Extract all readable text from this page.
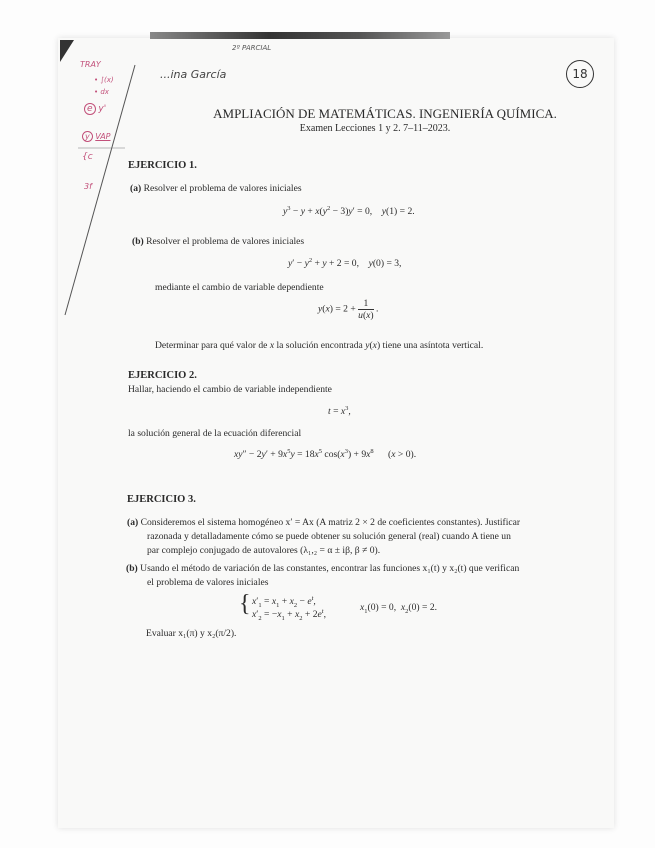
2º PARCIAL
...ina García	18
TRAY
• ∫(x)
• dx
e y'
y VAP
{c
3f
AMPLIACIÓN DE MATEMÁTICAS. INGENIERÍA QUÍMICA.
Examen Lecciones 1 y 2. 7–11–2023.
EJERCICIO 1.
(a) Resolver el problema de valores iniciales
$y^3 - y + x(y^2 - 3)y' = 0$,    y(1) = 2.
(b) Resolver el problema de valores iniciales
$y' - y^2 + y + 2 = 0$,    y(0) = 3,
mediante el cambio de variable dependiente
$y(x) = 2 + \frac{1}{u(x)}$ .
Determinar para qué valor de x la solución encontrada y(x) tiene una asíntota vertical.
EJERCICIO 2.
Hallar, haciendo el cambio de variable independiente
$t = x^3$,
la solución general de la ecuación diferencial
$xy'' - 2y' + 9x^5y = 18x^5$ $\cos(x^3) + 9x^8$      (x > 0).
EJERCICIO 3.
(a) Consideremos el sistema homogéneo x′ = Ax (A matriz 2 × 2 de coeficientes constantes). Justificar
razonada y detalladamente cómo se puede obtener su solución general (real) cuando A tiene un
par complejo conjugado de autovalores (λ₁,₂ = α ± iβ, β ≠ 0).
(b) Usando el método de variación de las constantes, encontrar las funciones x₁(t) y x₂(t) que verifican
el problema de valores iniciales
{ $x'_1 = x_1 + x_2 - e^t$,
$x'_2 = -x_1 + x_2 + 2e^t$,
$x_1(0) = 0$,  $x_2(0) = 2$.
Evaluar x₁(π) y x₂(π/2).
